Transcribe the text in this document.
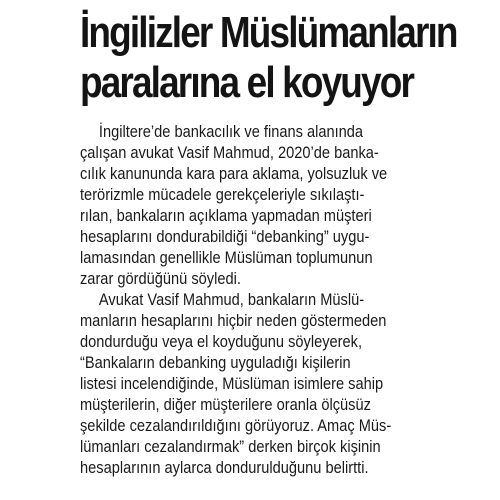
İngilizler Müslümanların
paralarına el koyuyor
İngiltere’de bankacılık ve finans alanında
çalışan avukat Vasif Mahmud, 2020’de banka-
cılık kanununda kara para aklama, yolsuzluk ve
terörizmle mücadele gerekçeleriyle sıkılaştı-
rılan, bankaların açıklama yapmadan müşteri
hesaplarını dondurabildiği “debanking” uygu-
lamasından genellikle Müslüman toplumunun
zarar gördüğünü söyledi.
Avukat Vasif Mahmud, bankaların Müslü-
manların hesaplarını hiçbir neden göstermeden
dondurduğu veya el koyduğunu söyleyerek,
“Bankaların debanking uyguladığı kişilerin
listesi incelendiğinde, Müslüman isimlere sahip
müşterilerin, diğer müşterilere oranla ölçüsüz
şekilde cezalandırıldığını görüyoruz. Amaç Müs-
lümanları cezalandırmak” derken birçok kişinin
hesaplarının aylarca dondurulduğunu belirtti.
